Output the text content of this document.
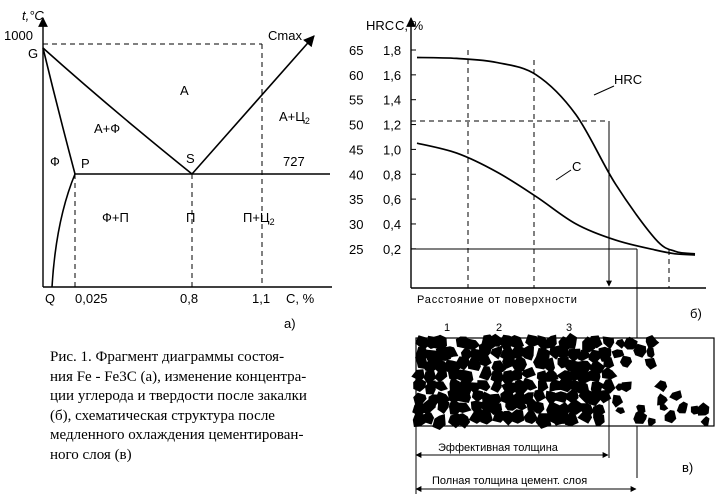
t,°C
1000
G
P	S
Q
Cmax
A
А+Ф
$А+Ц_2$
Ф	727
Ф+П	П	$П+Ц_2$
0,025	0,8	1,1 C, %
а)
HRC C, %
HRC
C
Расстояние от поверхности
б)
1	2	3
Эффективная толщина
Полная толщина цемент. слоя
в)
65 1,8
60 1,6
55 1,4
50 1,2
45 1,0
40 0,8
35 0,6
30 0,4
25 0,2
Рис. 1. Фрагмент диаграммы состоя-
ния Fe - Fe3C (а), изменение концентра-
ции углерода и твердости после закалки
(б), схематическая структура после
медленного охлаждения цементирован-
ного слоя (в)
